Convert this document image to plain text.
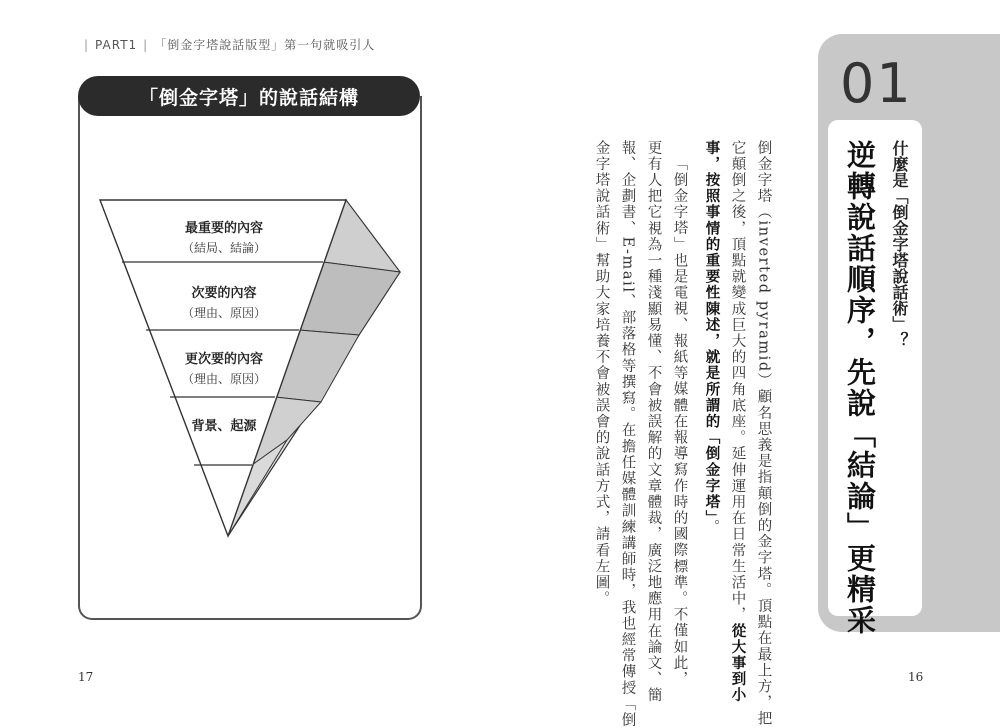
| PART1 | 「倒金字塔說話版型」第一句就吸引人
「倒金字塔」的說話結構
最重要的內容
（結局、結論）
次要的內容
（理由、原因）
更次要的內容
（理由、原因）
背景、起源
17
01
什麼是「倒金字塔說話術」？
逆轉說話順序，先說「結論」更精采
倒金字塔（inverted pyramid）顧名思義是指顛倒的金字塔。頂點在最上方，把
它顛倒之後，頂點就變成巨大的四角底座。延伸運用在日常生活中，從大事到小
事，按照事情的重要性陳述，就是所謂的「倒金字塔」。
「倒金字塔」也是電視、報紙等媒體在報導寫作時的國際標準。不僅如此，
更有人把它視為一種淺顯易懂、不會被誤解的文章體裁，廣泛地應用在論文、簡
報、企劃書、E-mail、部落格等撰寫。在擔任媒體訓練講師時，我也經常傳授「倒
金字塔說話術」幫助大家培養不會被誤會的說話方式，請看左圖。
16
